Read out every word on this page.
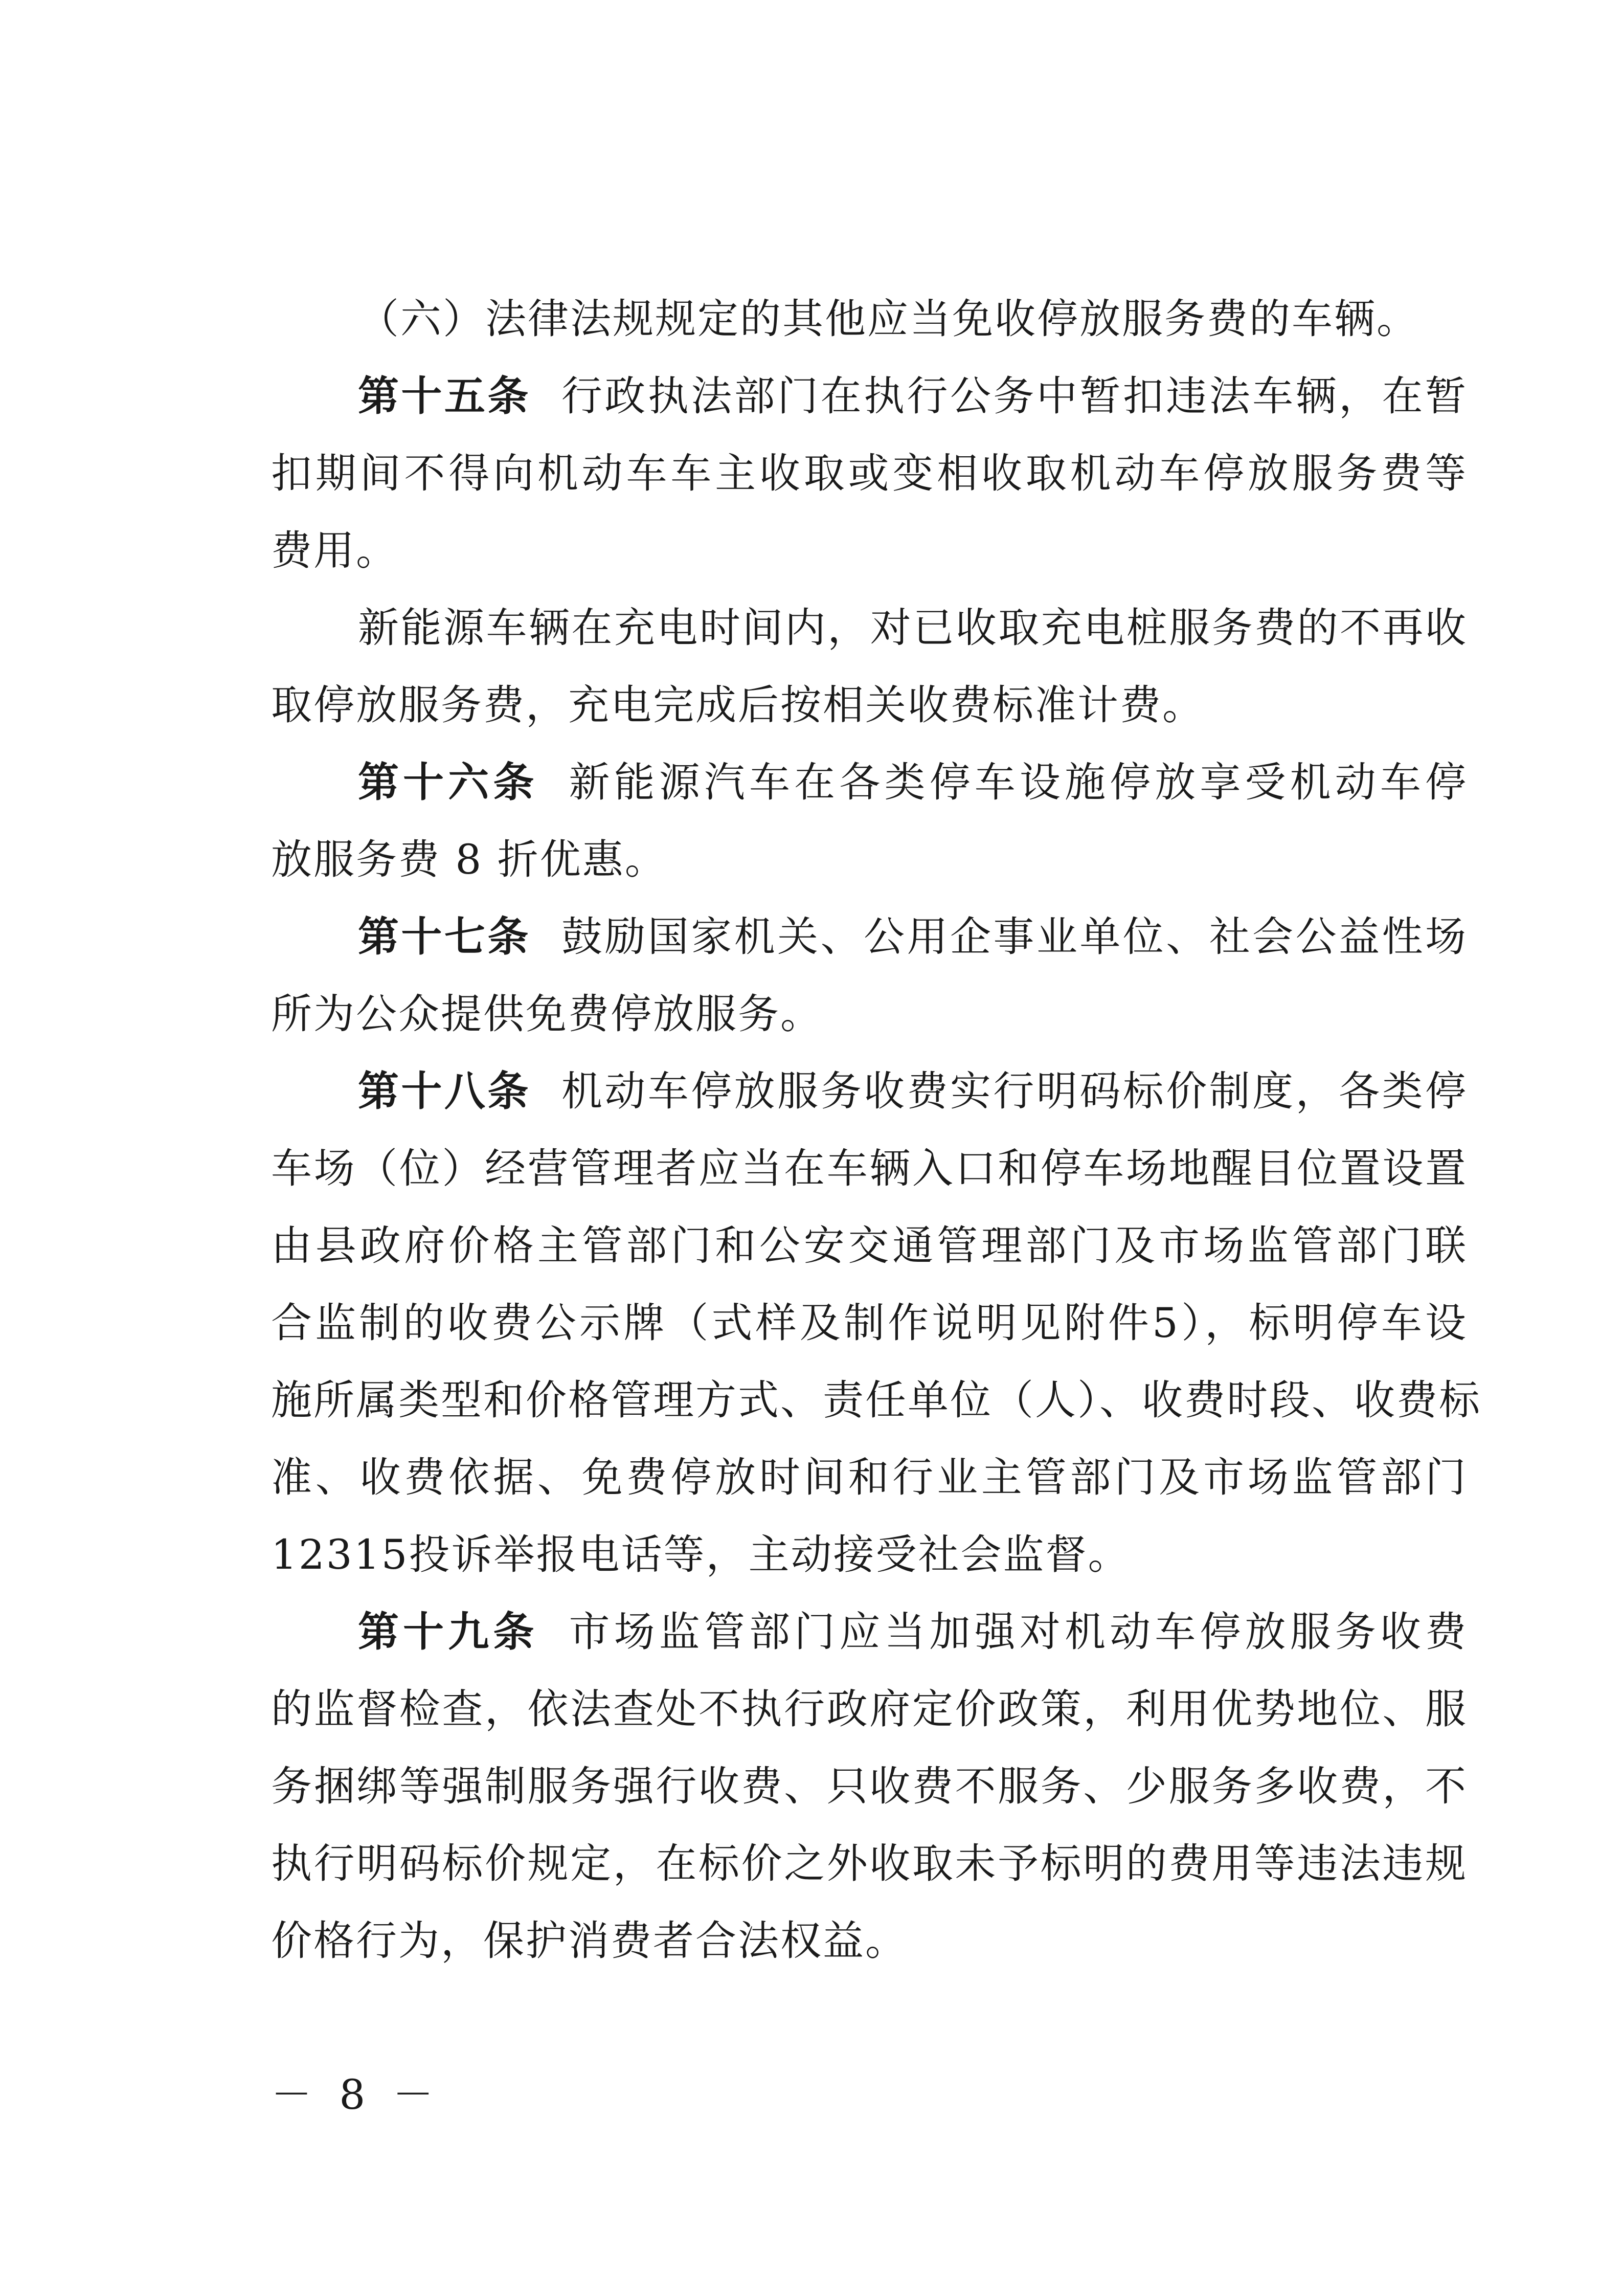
（六）法律法规规定的其他应当免收停放服务费的车辆。
第十五条 行政执法部门在执行公务中暂扣违法车辆，在暂
扣期间不得向机动车车主收取或变相收取机动车停放服务费等
费用。
新能源车辆在充电时间内，对已收取充电桩服务费的不再收
取停放服务费，充电完成后按相关收费标准计费。
第十六条 新能源汽车在各类停车设施停放享受机动车停
放服务费 8 折优惠。
第十七条 鼓励国家机关、公用企事业单位、社会公益性场
所为公众提供免费停放服务。
第十八条 机动车停放服务收费实行明码标价制度，各类停
车场（位）经营管理者应当在车辆入口和停车场地醒目位置设置
由县政府价格主管部门和公安交通管理部门及市场监管部门联
合监制的收费公示牌（式样及制作说明见附件5），标明停车设
施所属类型和价格管理方式、责任单位（人）、收费时段、收费标
准、收费依据、免费停放时间和行业主管部门及市场监管部门
12315投诉举报电话等，主动接受社会监督。
第十九条 市场监管部门应当加强对机动车停放服务收费
的监督检查，依法查处不执行政府定价政策，利用优势地位、服
务捆绑等强制服务强行收费、只收费不服务、少服务多收费，不
执行明码标价规定，在标价之外收取未予标明的费用等违法违规
价格行为，保护消费者合法权益。
－ 8 －
